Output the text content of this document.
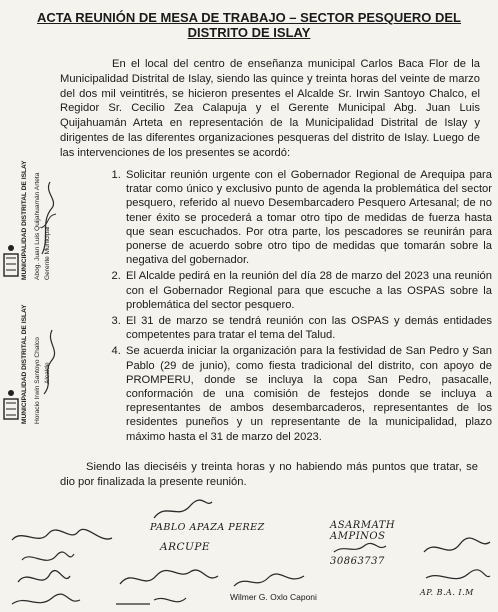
ACTA REUNIÓN DE MESA DE TRABAJO – SECTOR PESQUERO DEL
DISTRITO DE ISLAY

En el local del centro de enseñanza municipal Carlos Baca Flor de la Municipalidad Distrital de Islay, siendo las quince y treinta horas del veinte de marzo del dos mil veintitrés, se hicieron presentes el Alcalde Sr. Irwin Santoyo Chalco, el Regidor Sr. Cecilio Zea Calapuja y el Gerente Municipal Abg. Juan Luis Quijahuamán Arteta en representación de la Municipalidad Distrital de Islay y dirigentes de las diferentes organizaciones pesqueras del distrito de Islay. Luego de las intervenciones de los presentes se acordó:

1. Solicitar reunión urgente con el Gobernador Regional de Arequipa para tratar como único y exclusivo punto de agenda la problemática del sector pesquero, referido al nuevo Desembarcadero Pesquero Artesanal; de no tener éxito se procederá a tomar otro tipo de medidas de fuerza hasta que sean escuchados. Por otra parte, los pescadores se reunirán para ponerse de acuerdo sobre otro tipo de medidas que tomarán sobre la negativa del gobernador.
2. El Alcalde pedirá en la reunión del día 28 de marzo del 2023 una reunión con el Gobernador Regional para que escuche a las OSPAS sobre la problemática del sector pesquero.
3. El 31 de marzo se tendrá reunión con las OSPAS y demás entidades competentes para tratar el tema del Talud.
4. Se acuerda iniciar la organización para la festividad de San Pedro y San Pablo (29 de junio), como fiesta tradicional del distrito, con apoyo de PROMPERU, donde se incluya la copa San Pedro, pasacalle, conformación de una comisión de festejos donde se incluya a representantes de ambos desembarcaderos, representantes de los residentes puneños y un representante de la municipalidad, plazo máximo hasta el 31 de marzo del 2023.

Siendo las dieciséis y treinta horas y no habiendo más puntos que tratar, se dio por finalizada la presente reunión.

MUNICIPALIDAD DISTRITAL DE ISLAY Abog. Juan Luis Quijahuamán Arteta Gerente Municipal
MUNICIPALIDAD DISTRITAL DE ISLAY Horacio Irwin Santoyo Chalco Alcalde
PABLO APAZA PEREZ
ARCUPE
Wilmer G. Oxlo Caponi
ASARMATH
AMPINOS
30863737
AP. B.A. I.M
